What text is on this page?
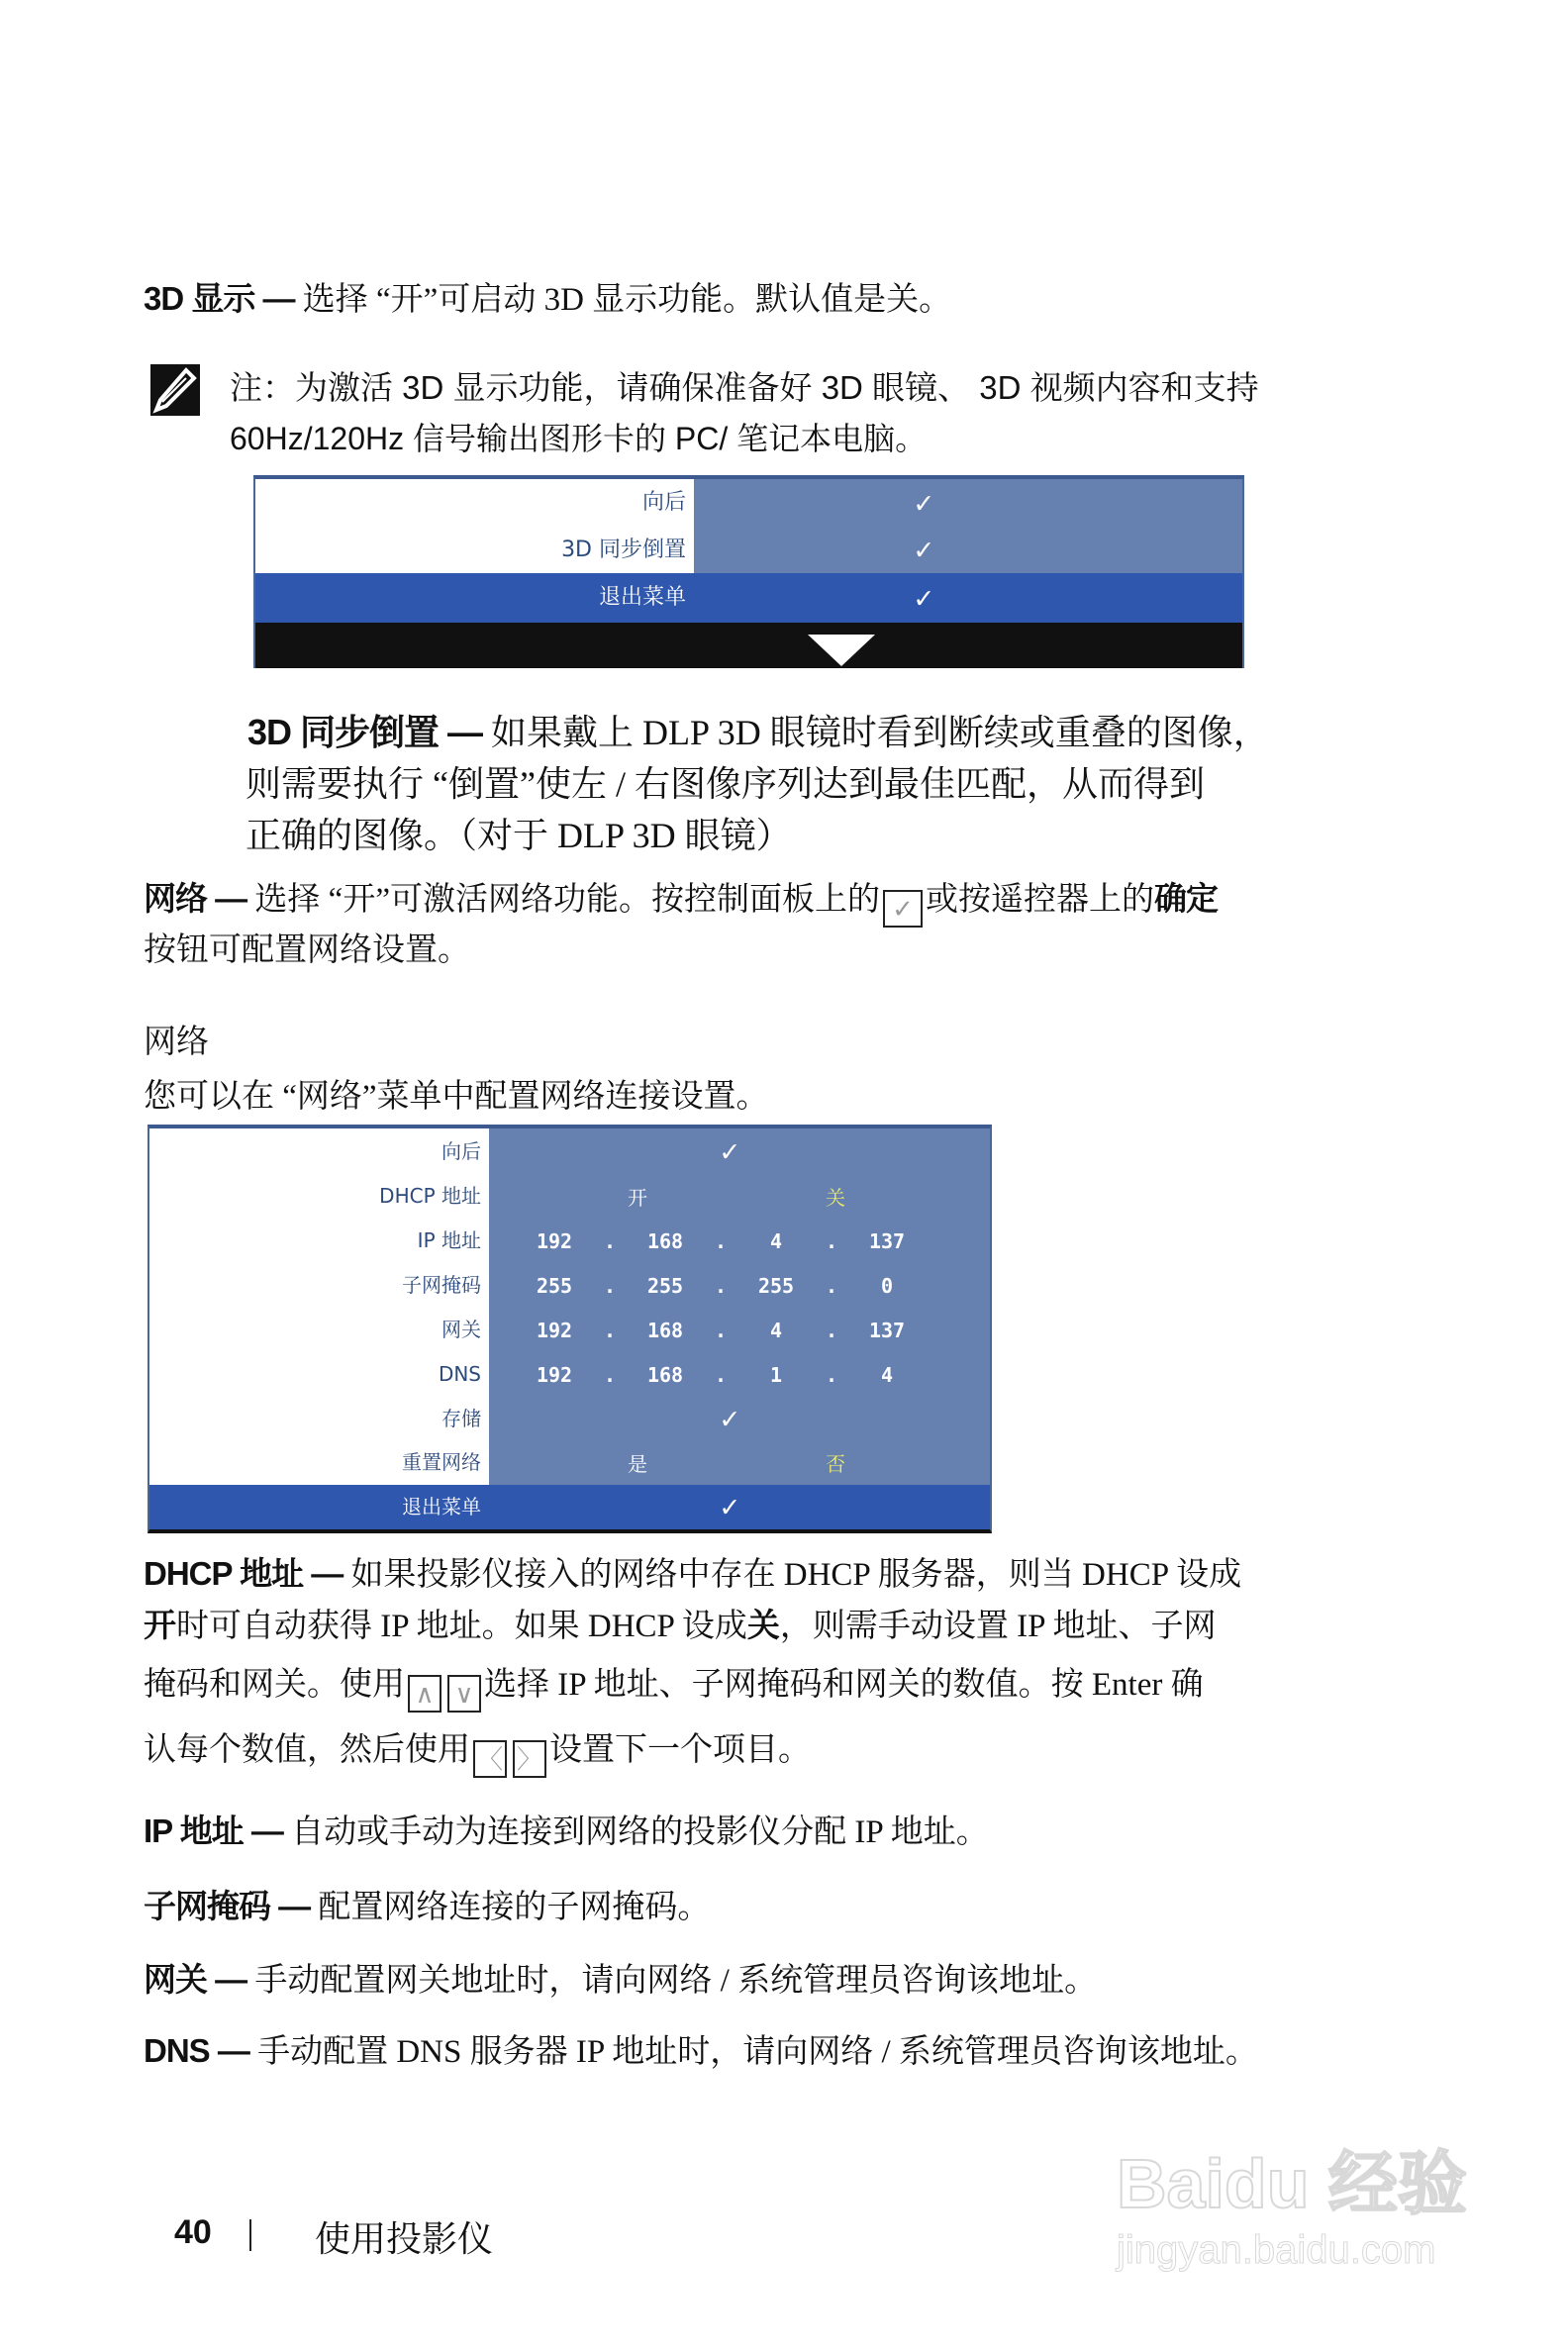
3D 显示 — 选择 “开”可启动 3D 显示功能。默认值是关。
注：为激活 3D 显示功能，请确保准备好 3D 眼镜、 3D 视频内容和支持
60Hz/120Hz 信号输出图形卡的 PC/ 笔记本电脑。
向后	✓
3D 同步倒置	✓
退出菜单	✓
3D 同步倒置 — 如果戴上 DLP 3D 眼镜时看到断续或重叠的图像，
则需要执行 “倒置”使左 / 右图像序列达到最佳匹配，从而得到
正确的图像。（对于 DLP 3D 眼镜）
网络 — 选择 “开”可激活网络功能。按控制面板上的 ✓ 或按遥控器上的确定
按钮可配置网络设置。
网络
您可以在 “网络”菜单中配置网络连接设置。
向后	✓
DHCP 地址	开	关
IP 地址	192	.	168	.	4	.	137
子网掩码	255	.	255	.	255	.	0
网关	192	.	168	.	4	.	137
DNS	192	.	168	.	1	.	4
存储	✓
重置网络	是	否
退出菜单	✓
DHCP 地址 — 如果投影仪接入的网络中存在 DHCP 服务器，则当 DHCP 设成
开时可自动获得 IP 地址。如果 DHCP 设成关，则需手动设置 IP 地址、子网
掩码和网关。使用 ∧ ∨ 选择 IP 地址、子网掩码和网关的数值。按 Enter 确
认每个数值，然后使用 〈 〉 设置下一个项目。
IP 地址 — 自动或手动为连接到网络的投影仪分配 IP 地址。
子网掩码 — 配置网络连接的子网掩码。
网关 — 手动配置网关地址时，请向网络 / 系统管理员咨询该地址。
DNS — 手动配置 DNS 服务器 IP 地址时，请向网络 / 系统管理员咨询该地址。
40	使用投影仪
Baidu 经验
jingyan.baidu.com
